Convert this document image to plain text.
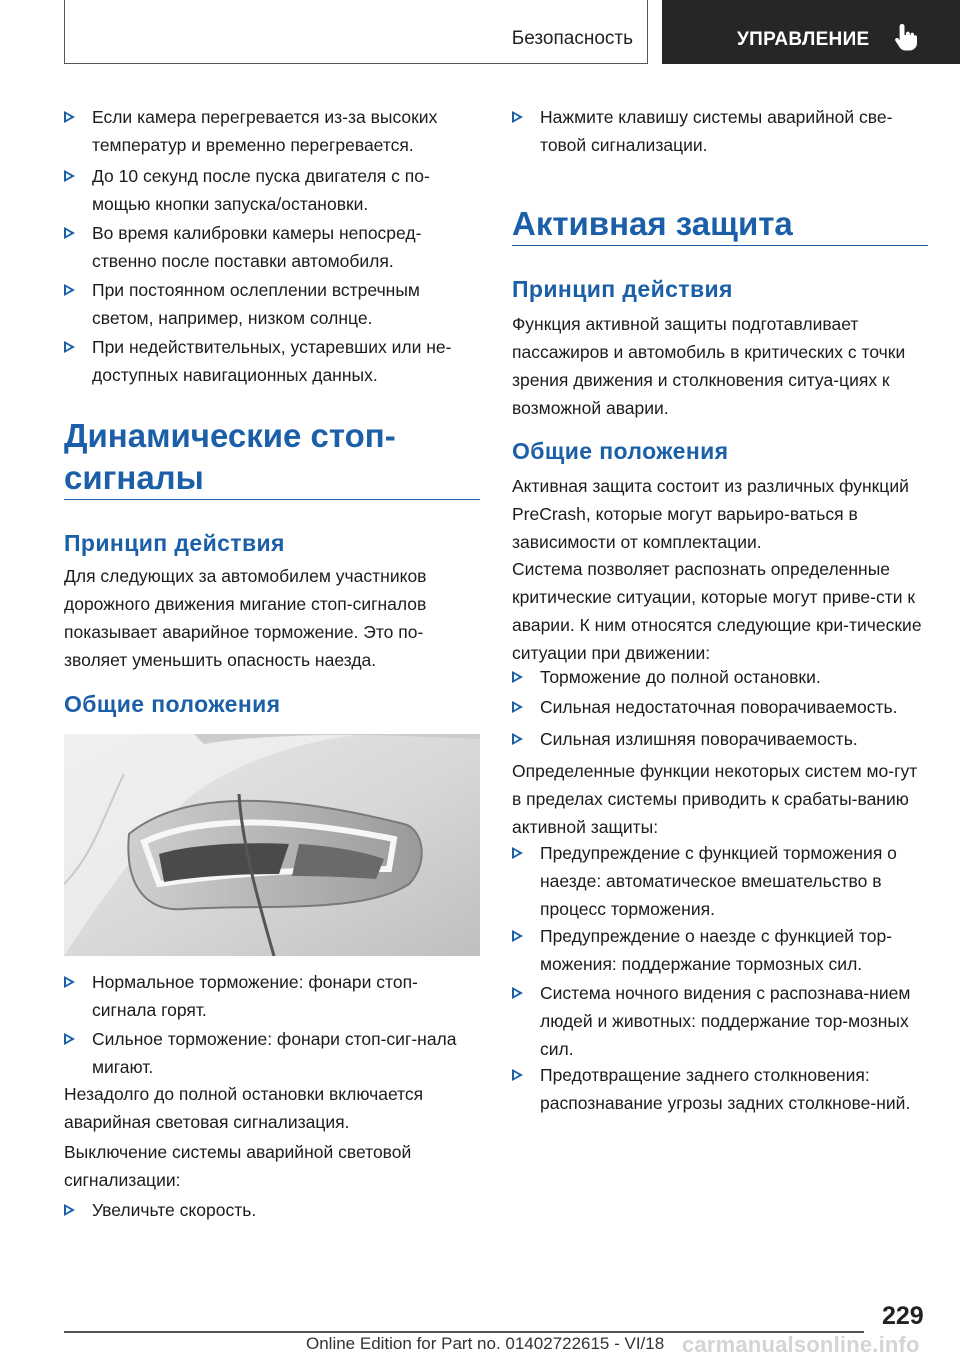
Безопасность	УПРАВЛЕНИЕ
Если камера перегревается из-за высоких температур и временно перегревается.
До 10 секунд после пуска двигателя с по-мощью кнопки запуска/остановки.
Во время калибровки камеры непосред-ственно после поставки автомобиля.
При постоянном ослеплении встречным светом, например, низком солнце.
При недействительных, устаревших или не-доступных навигационных данных.
Динамические стоп-сигналы
Принцип действия
Для следующих за автомобилем участников дорожного движения мигание стоп-сигналов показывает аварийное торможение. Это по-зволяет уменьшить опасность наезда.
Общие положения
Нормальное торможение: фонари стоп-сигнала горят.
Сильное торможение: фонари стоп-сиг-нала мигают.
Незадолго до полной остановки включается аварийная световая сигнализация.
Выключение системы аварийной световой сигнализации:
Увеличьте скорость.
Нажмите клавишу системы аварийной све-товой сигнализации.
Активная защита
Принцип действия
Функция активной защиты подготавливает пассажиров и автомобиль в критических с точки зрения движения и столкновения ситуа-циях к возможной аварии.
Общие положения
Активная защита состоит из различных функций PreCrash, которые могут варьиро-ваться в зависимости от комплектации.
Система позволяет распознать определенные критические ситуации, которые могут приве-сти к аварии. К ним относятся следующие кри-тические ситуации при движении:
Торможение до полной остановки.
Сильная недостаточная поворачиваемость.
Сильная излишняя поворачиваемость.
Определенные функции некоторых систем мо-гут в пределах системы приводить к срабаты-ванию активной защиты:
Предупреждение с функцией торможения о наезде: автоматическое вмешательство в процесс торможения.
Предупреждение о наезде с функцией тор-можения: поддержание тормозных сил.
Система ночного видения с распознава-нием людей и животных: поддержание тор-мозных сил.
Предотвращение заднего столкновения: распознавание угрозы задних столкнове-ний.
229
Online Edition for Part no. 01402722615 - VI/18 carmanualsonline.info
